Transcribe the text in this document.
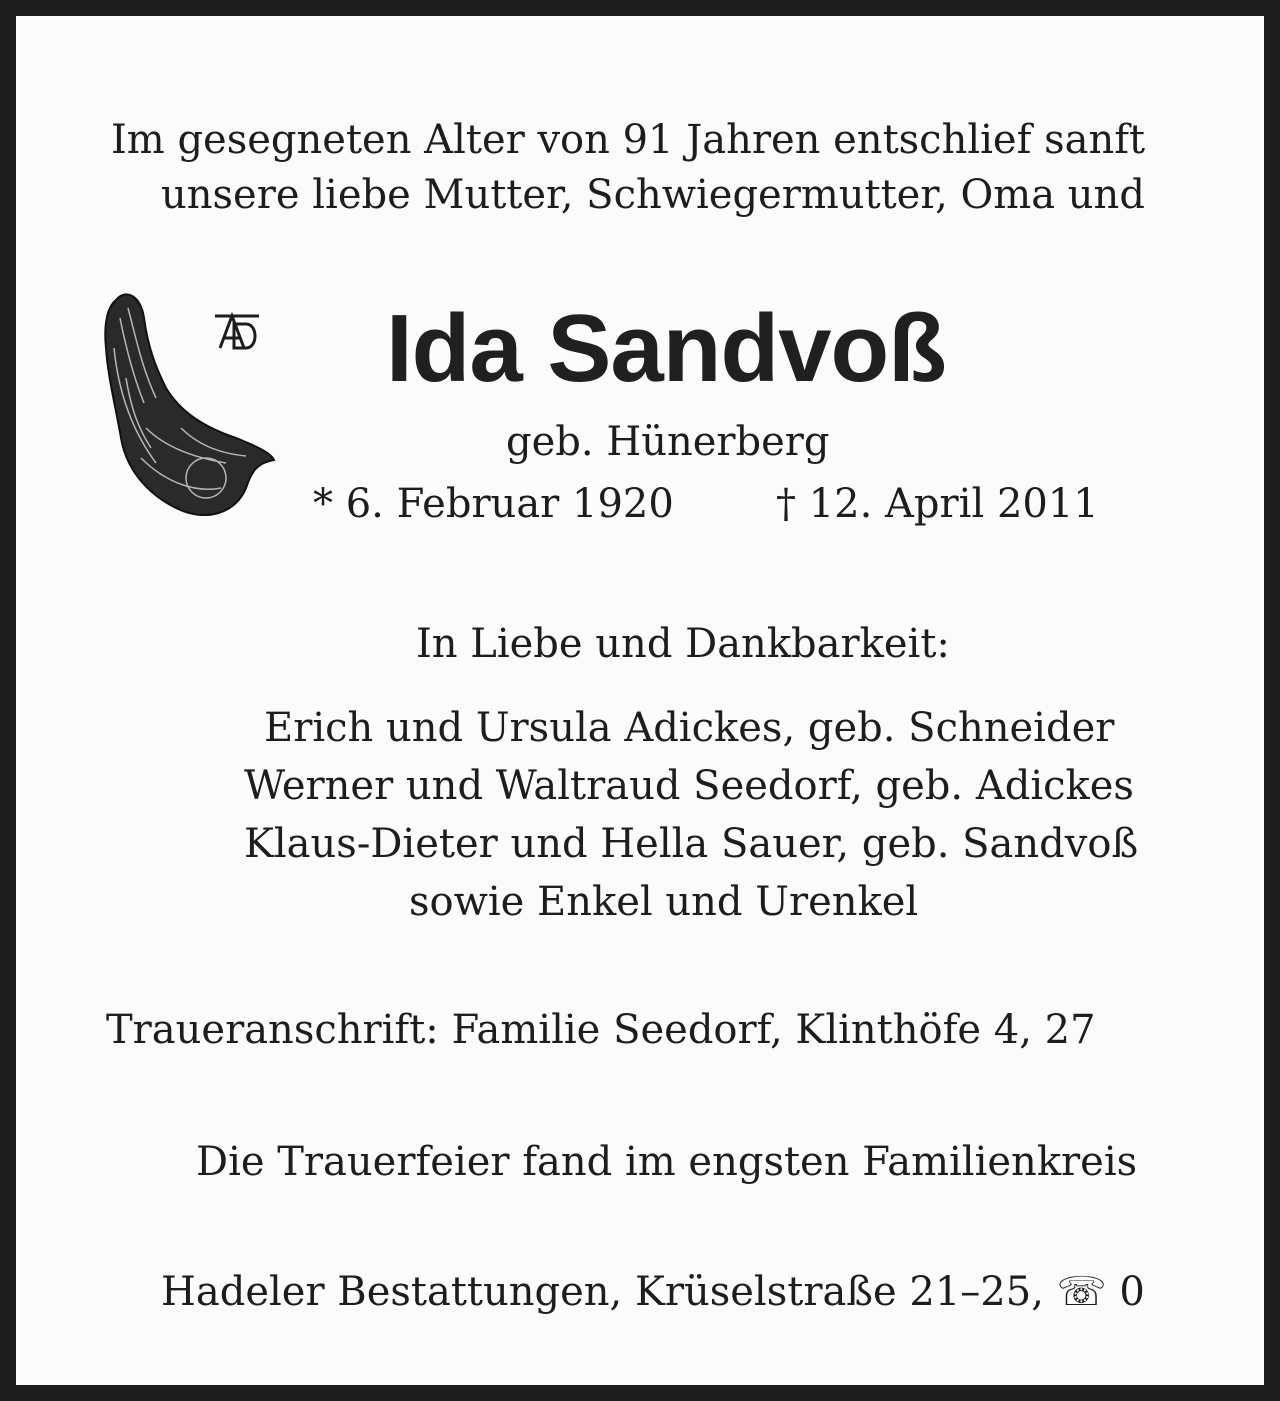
Im gesegneten Alter von 91 Jahren entschlief sanft
unsere liebe Mutter, Schwiegermutter, Oma und
Ida Sandvoß
geb. Hünerberg
* 6. Februar 1920	† 12. April 2011
In Liebe und Dankbarkeit:
Erich und Ursula Adickes, geb. Schneider
Werner und Waltraud Seedorf, geb. Adickes
Klaus-Dieter und Hella Sauer, geb. Sandvoß
sowie Enkel und Urenkel
Traueranschrift: Familie Seedorf, Klinthöfe 4, 27
Die Trauerfeier fand im engsten Familienkreis
Hadeler Bestattungen, Krüselstraße 21–25, ☏ 0
